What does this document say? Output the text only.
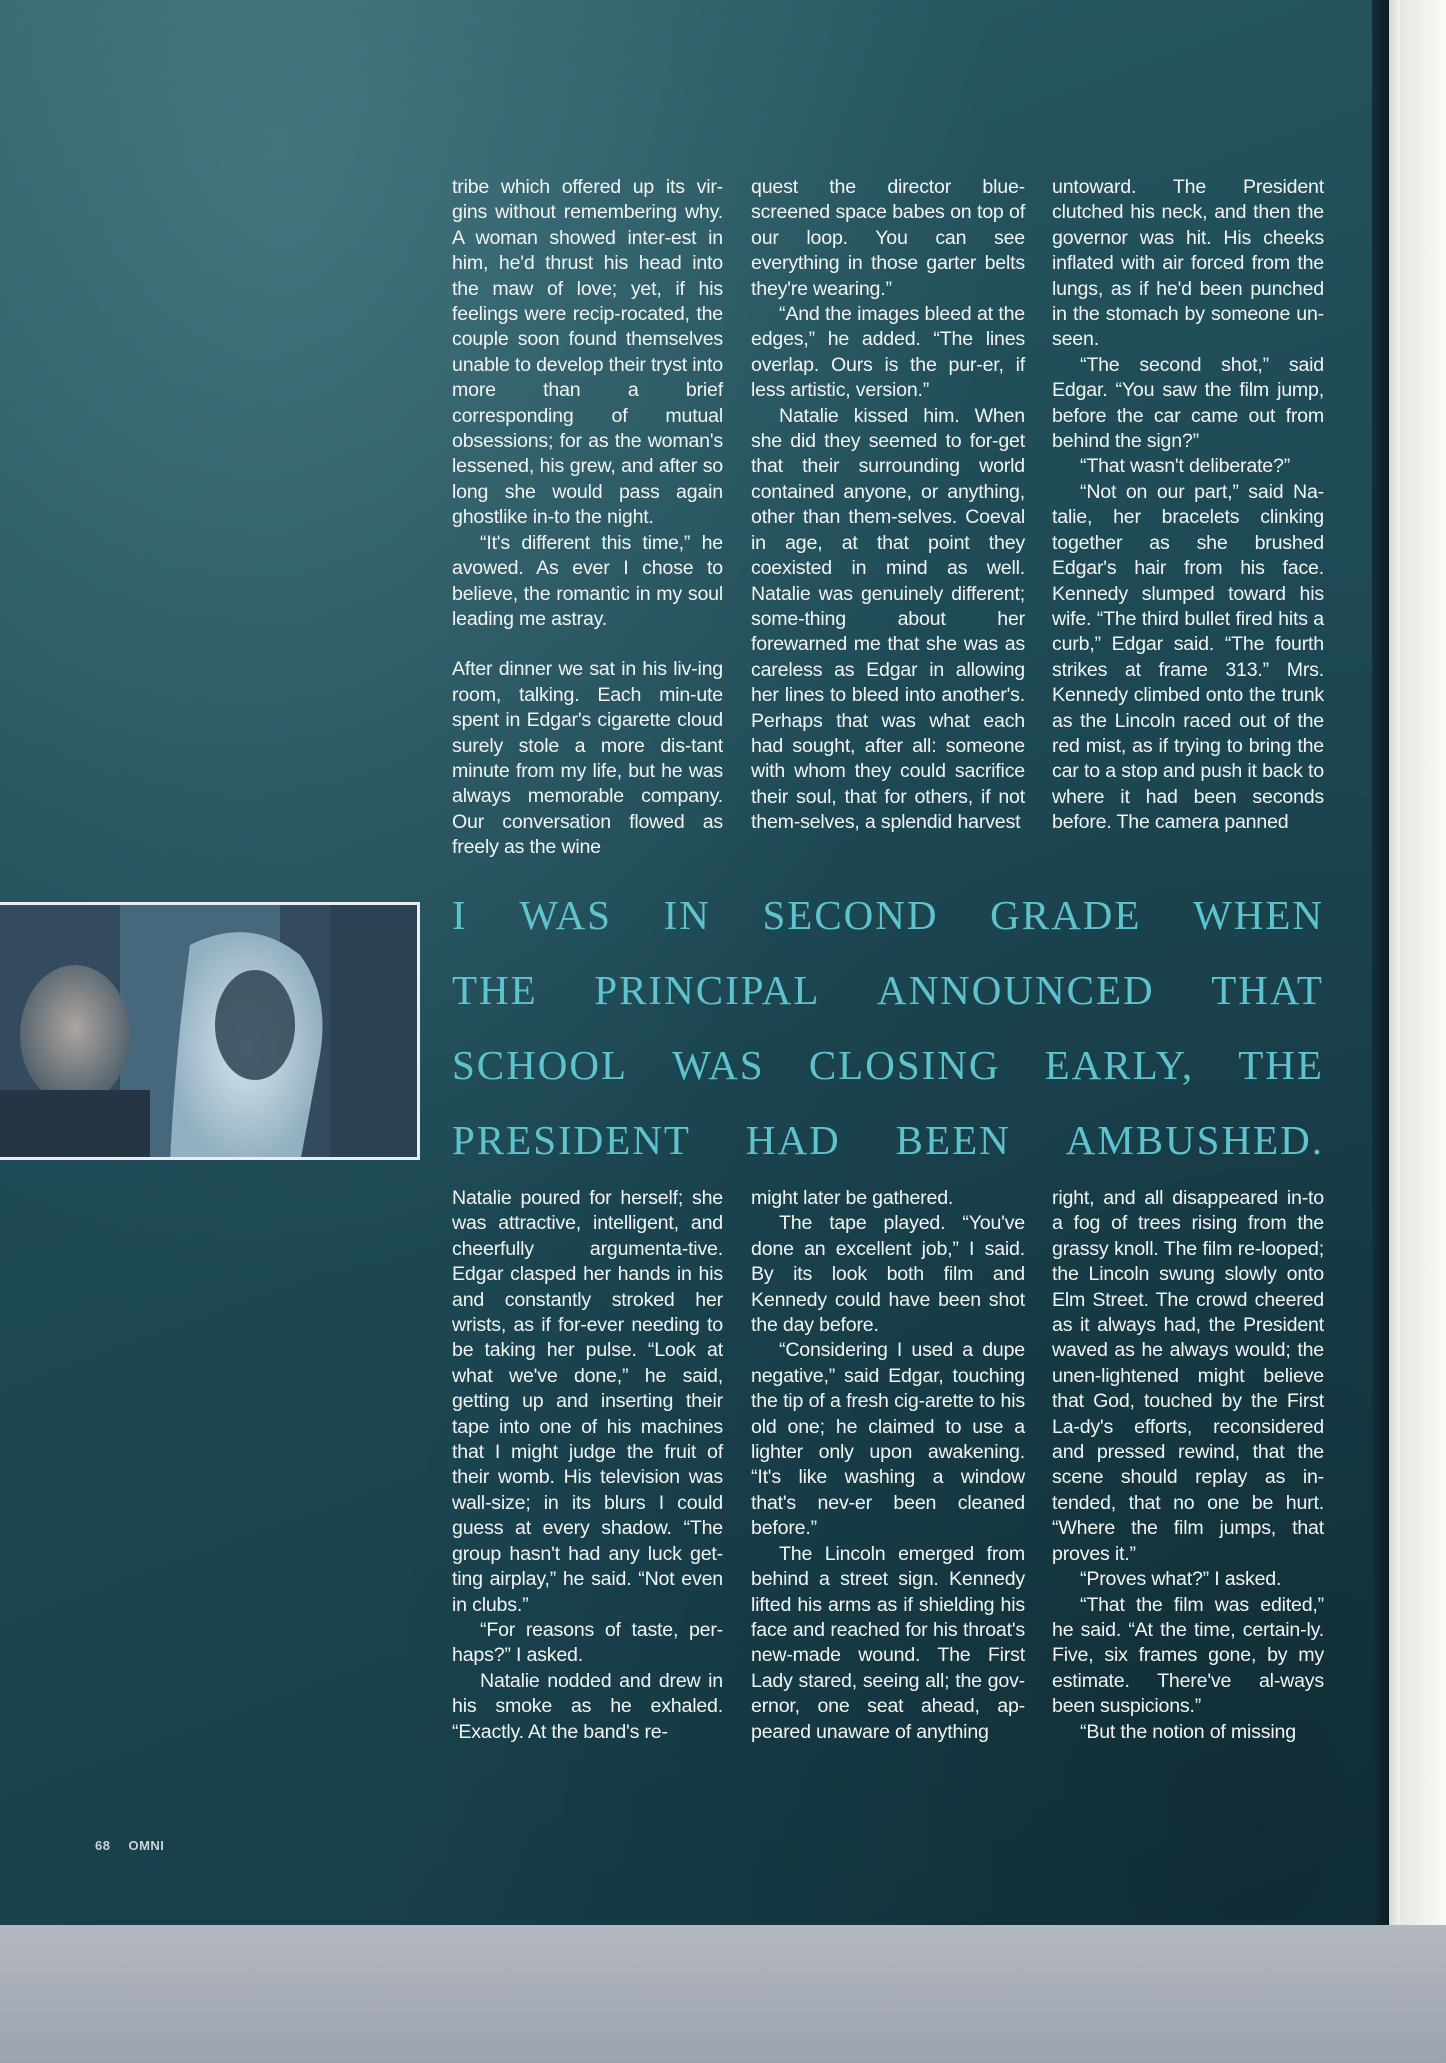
tribe which offered up its vir-gins without remembering why. A woman showed inter-est in him, he'd thrust his head into the maw of love; yet, if his feelings were recip-rocated, the couple soon found themselves unable to develop their tryst into more than a brief corresponding of mutual obsessions; for as the woman's lessened, his grew, and after so long she would pass again ghostlike in-to the night.

“It's different this time,” he avowed. As ever I chose to believe, the romantic in my soul leading me astray.

After dinner we sat in his liv-ing room, talking. Each min-ute spent in Edgar's cigarette cloud surely stole a more dis-tant minute from my life, but he was always memorable company. Our conversation flowed as freely as the wine

quest the director blue-screened space babes on top of our loop. You can see everything in those garter belts they're wearing.”

“And the images bleed at the edges,” he added. “The lines overlap. Ours is the pur-er, if less artistic, version.”

Natalie kissed him. When she did they seemed to for-get that their surrounding world contained anyone, or anything, other than them-selves. Coeval in age, at that point they coexisted in mind as well. Natalie was genuinely different; some-thing about her forewarned me that she was as careless as Edgar in allowing her lines to bleed into another's. Perhaps that was what each had sought, after all: someone with whom they could sacrifice their soul, that for others, if not them-selves, a splendid harvest

untoward. The President clutched his neck, and then the governor was hit. His cheeks inflated with air forced from the lungs, as if he'd been punched in the stomach by someone un-seen.

“The second shot,” said Edgar. “You saw the film jump, before the car came out from behind the sign?”

“That wasn't deliberate?”

“Not on our part,” said Na-talie, her bracelets clinking together as she brushed Edgar's hair from his face. Kennedy slumped toward his wife. “The third bullet fired hits a curb,” Edgar said. “The fourth strikes at frame 313.” Mrs. Kennedy climbed onto the trunk as the Lincoln raced out of the red mist, as if trying to bring the car to a stop and push it back to where it had been seconds before. The camera panned

I WAS IN SECOND GRADE WHEN
THE PRINCIPAL ANNOUNCED THAT
SCHOOL WAS CLOSING EARLY, THE
PRESIDENT HAD BEEN AMBUSHED.

Natalie poured for herself; she was attractive, intelligent, and cheerfully argumenta-tive. Edgar clasped her hands in his and constantly stroked her wrists, as if for-ever needing to be taking her pulse. “Look at what we've done,” he said, getting up and inserting their tape into one of his machines that I might judge the fruit of their womb. His television was wall-size; in its blurs I could guess at every shadow. “The group hasn't had any luck get-ting airplay,” he said. “Not even in clubs.”

“For reasons of taste, per-haps?” I asked.

Natalie nodded and drew in his smoke as he exhaled. “Exactly. At the band's re-

might later be gathered.

The tape played. “You've done an excellent job,” I said. By its look both film and Kennedy could have been shot the day before.

“Considering I used a dupe negative,” said Edgar, touching the tip of a fresh cig-arette to his old one; he claimed to use a lighter only upon awakening. “It's like washing a window that's nev-er been cleaned before.”

The Lincoln emerged from behind a street sign. Kennedy lifted his arms as if shielding his face and reached for his throat's new-made wound. The First Lady stared, seeing all; the gov-ernor, one seat ahead, ap-peared unaware of anything

right, and all disappeared in-to a fog of trees rising from the grassy knoll. The film re-looped; the Lincoln swung slowly onto Elm Street. The crowd cheered as it always had, the President waved as he always would; the unen-lightened might believe that God, touched by the First La-dy's efforts, reconsidered and pressed rewind, that the scene should replay as in-tended, that no one be hurt. “Where the film jumps, that proves it.”

“Proves what?” I asked.

“That the film was edited,” he said. “At the time, certain-ly. Five, six frames gone, by my estimate. There've al-ways been suspicions.”

“But the notion of missing

68 OMNI
